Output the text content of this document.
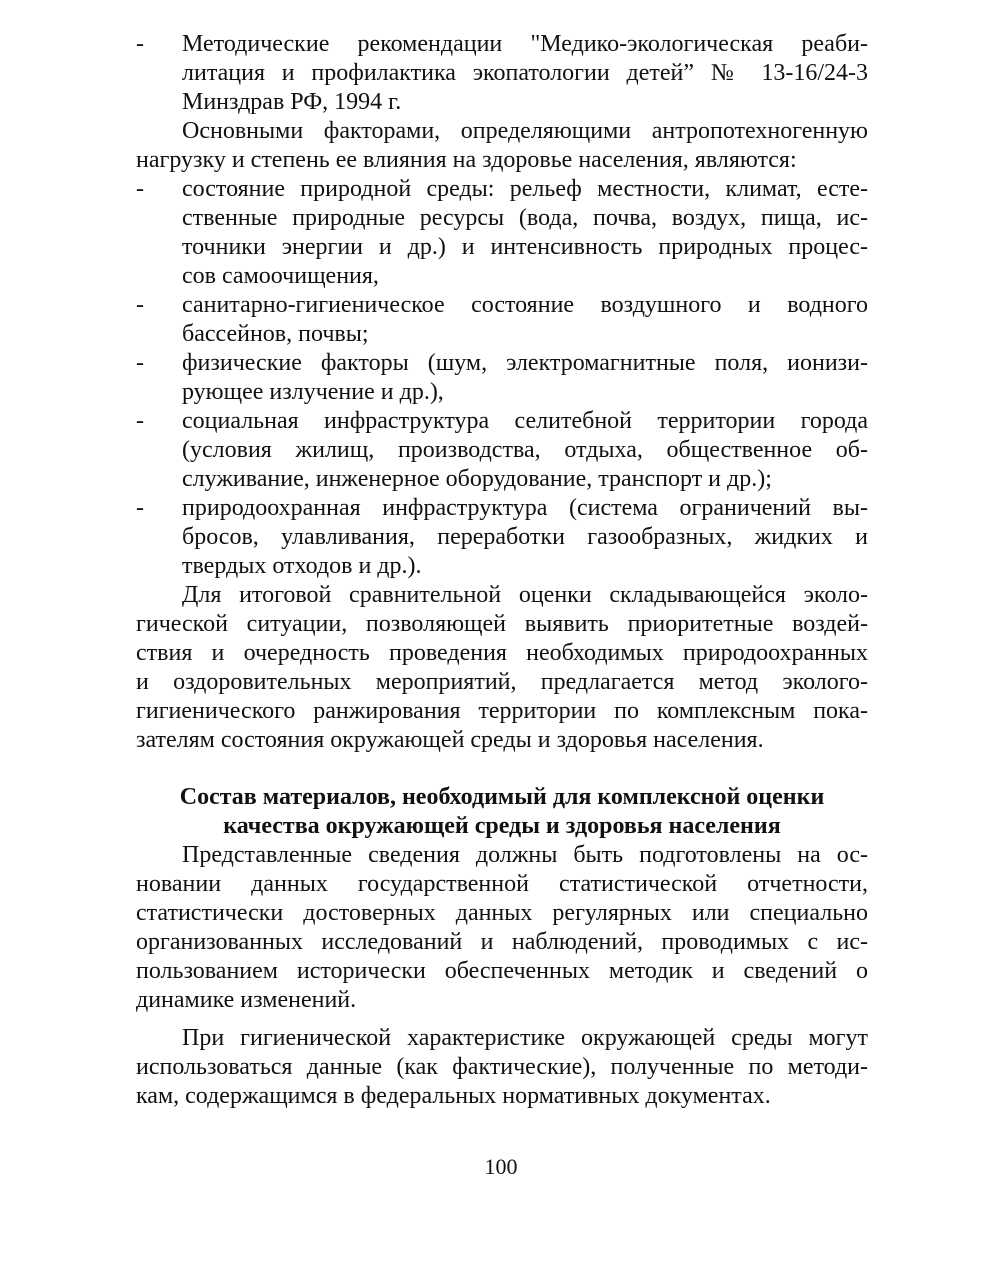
-	Методические рекомендации "Медико-экологическая реаби-
литация и профилактика экопатологии детей” № 13-16/24-3
Минздрав РФ, 1994 г.
Основными факторами, определяющими антропотехногенную
нагрузку и степень ее влияния на здоровье населения, являются:
-	состояние природной среды: рельеф местности, климат, есте-
ственные природные ресурсы (вода, почва, воздух, пища, ис-
точники энергии и др.) и интенсивность природных процес-
сов самоочищения,
-	санитарно-гигиеническое состояние воздушного и водного
бассейнов, почвы;
-	физические факторы (шум, электромагнитные поля, ионизи-
рующее излучение и др.),
-	социальная инфраструктура селитебной территории города
(условия жилищ, производства, отдыха, общественное об-
служивание, инженерное оборудование, транспорт и др.);
-	природоохранная инфраструктура (система ограничений вы-
бросов, улавливания, переработки газообразных, жидких и
твердых отходов и др.).
Для итоговой сравнительной оценки складывающейся эколо-
гической ситуации, позволяющей выявить приоритетные воздей-
ствия и очередность проведения необходимых природоохранных
и оздоровительных мероприятий, предлагается метод эколого-
гигиенического ранжирования территории по комплексным пока-
зателям состояния окружающей среды и здоровья населения.
Состав материалов, необходимый для комплексной оценки
качества окружающей среды и здоровья населения
Представленные сведения должны быть подготовлены на ос-
новании данных государственной статистической отчетности,
статистически достоверных данных регулярных или специально
организованных исследований и наблюдений, проводимых с ис-
пользованием исторически обеспеченных методик и сведений о
динамике изменений.
При гигиенической характеристике окружающей среды могут
использоваться данные (как фактические), полученные по методи-
кам, содержащимся в федеральных нормативных документах.
100
